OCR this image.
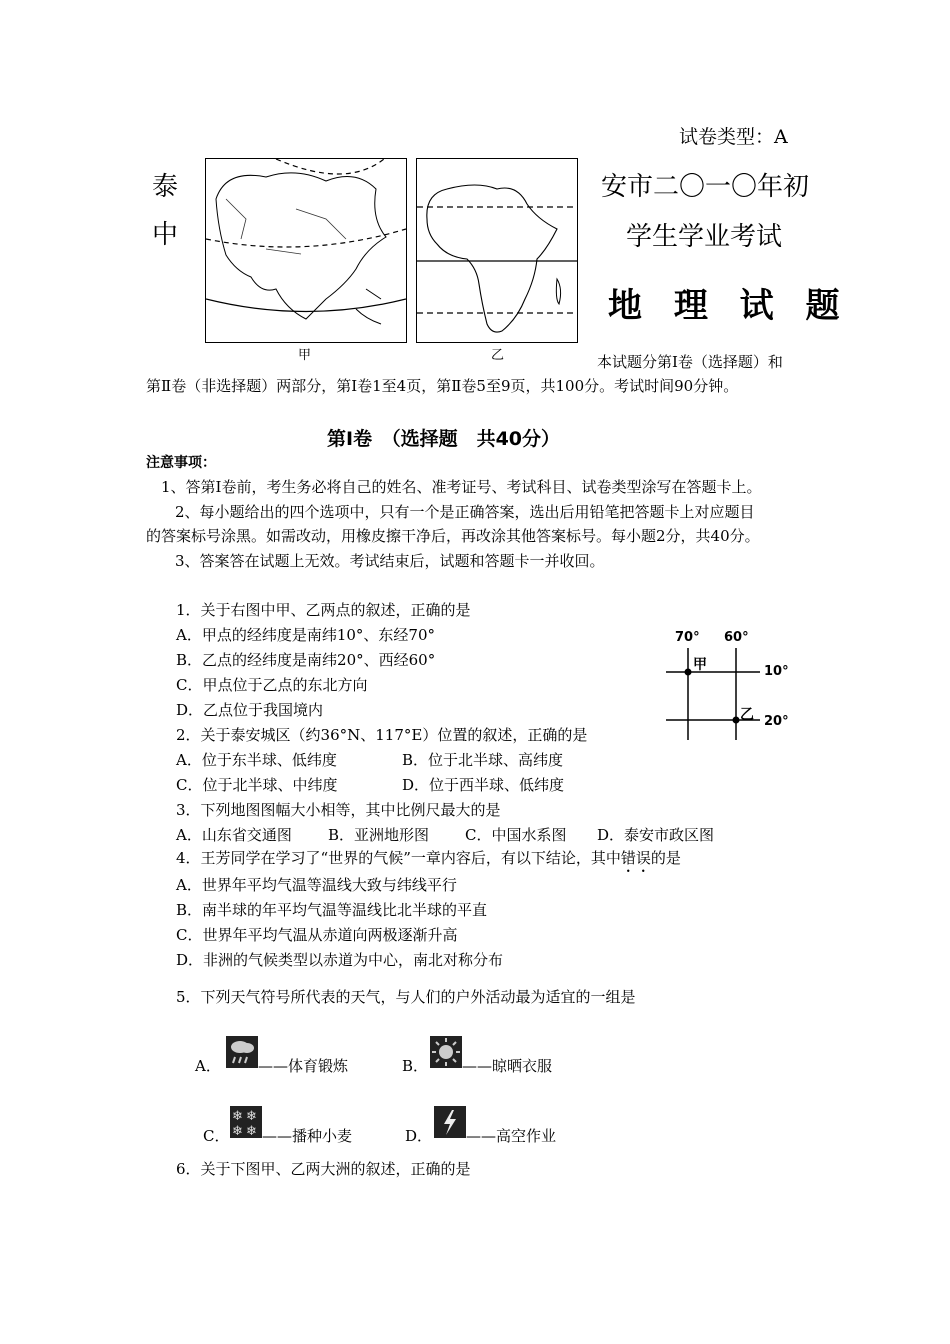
试卷类型：A
泰
中
安市二〇一〇年初
学生学业考试
地 理 试 题
甲	乙	本试题分第Ⅰ卷（选择题）和
第Ⅱ卷（非选择题）两部分，第Ⅰ卷1至4页，第Ⅱ卷5至9页，共100分。考试时间90分钟。
第Ⅰ卷　（选择题　共40分）
注意事项：
1、答第Ⅰ卷前，考生务必将自己的姓名、准考证号、考试科目、试卷类型涂写在答题卡上。
2、每小题给出的四个选项中，只有一个是正确答案，选出后用铅笔把答题卡上对应题目
的答案标号涂黑。如需改动，用橡皮擦干净后，再改涂其他答案标号。每小题2分，共40分。
3、答案答在试题上无效。考试结束后，试题和答题卡一并收回。
70° 60°
10°
20°
甲
乙
1．关于右图中甲、乙两点的叙述，正确的是
A．甲点的经纬度是南纬10°、东经70°
B．乙点的经纬度是南纬20°、西经60°
C．甲点位于乙点的东北方向
D．乙点位于我国境内
2．关于泰安城区（约36°N、117°E）位置的叙述，正确的是
A．位于东半球、低纬度	B．位于北半球、高纬度
C．位于北半球、中纬度	D．位于西半球、低纬度
3．下列地图图幅大小相等，其中比例尺最大的是
A．山东省交通图 B．亚洲地形图 C．中国水系图 D．泰安市政区图
4．王芳同学在学习了“世界的气候”一章内容后，有以下结论，其中错误的是
A．世界年平均气温等温线大致与纬线平行
B．南半球的年平均气温等温线比北半球的平直
C．世界年平均气温从赤道向两极逐渐升高
D．非洲的气候类型以赤道为中心，南北对称分布
5．下列天气符号所代表的天气，与人们的户外活动最为适宜的一组是
A． ——体育锻炼	B． ——晾晒衣服
C．
❄ ❄
❄ ❄ ——播种小麦	D． ——高空作业
6．关于下图甲、乙两大洲的叙述，正确的是
